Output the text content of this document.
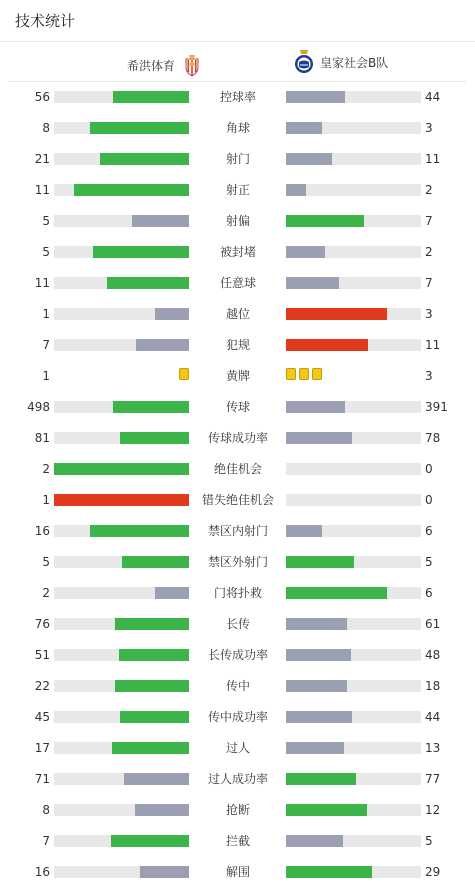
技术统计
希洪体育	皇家社会B队
56	控球率	44
8	角球	3
21	射门	11
11	射正	2
5	射偏	7
5	被封堵	2
11	任意球	7
1	越位	3
7	犯规	11
1	黄牌	3
498	传球	391
81	传球成功率	78
2	绝佳机会	0
1	错失绝佳机会	0
16	禁区内射门	6
5	禁区外射门	5
2	门将扑救	6
76	长传	61
51	长传成功率	48
22	传中	18
45	传中成功率	44
17	过人	13
71	过人成功率	77
8	抢断	12
7	拦截	5
16	解围	29
